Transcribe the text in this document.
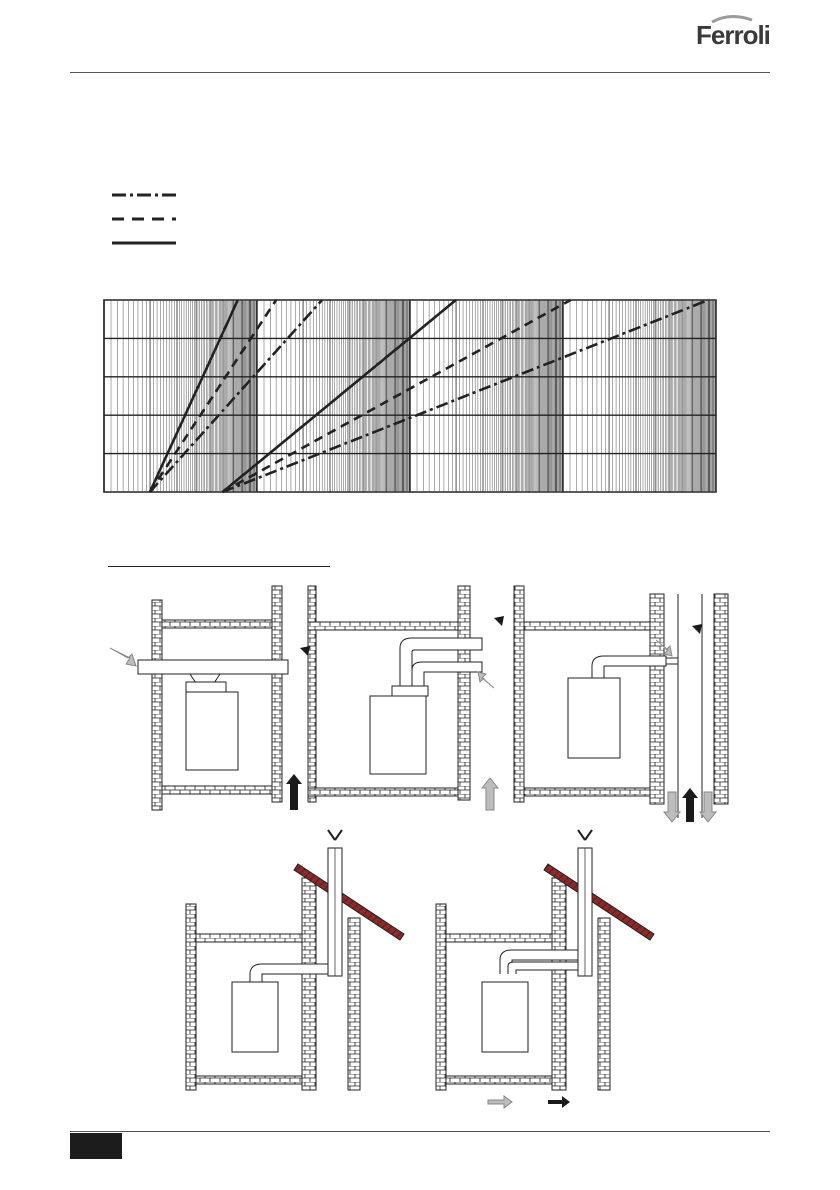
Ferroli
